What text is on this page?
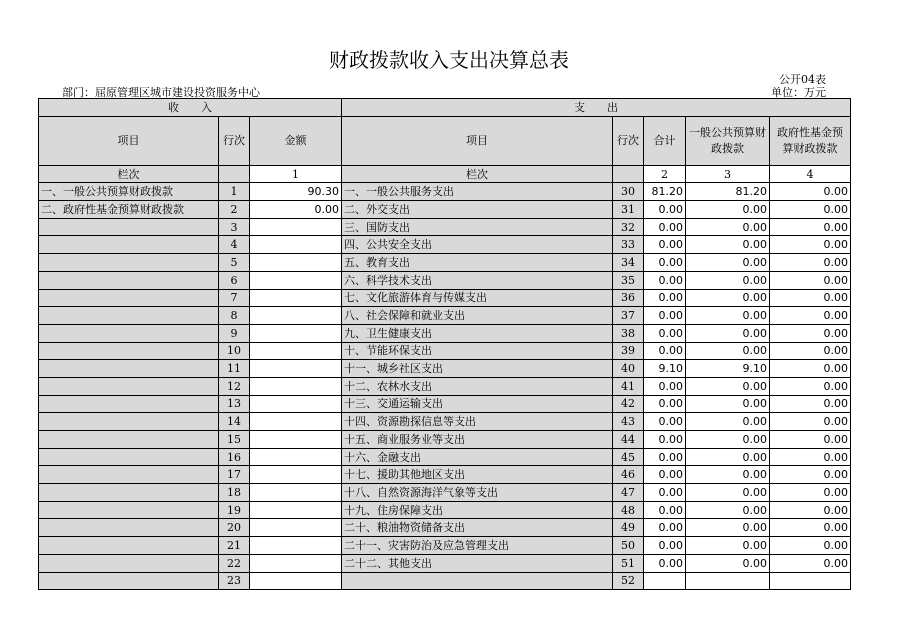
财政拨款收入支出决算总表
公开04表
部门：屈原管理区城市建设投资服务中心	单位：万元
收　　入			支　　出				
项目	行次	金额	项目	行次	合计	一般公共预算财政拨款	政府性基金预算财政拨款
栏次		1	栏次		2	3	4
一、一般公共预算财政拨款	1	90.30	一、一般公共服务支出	30	81.20	81.20	0.00
二、政府性基金预算财政拨款	2	0.00	二、外交支出	31	0.00	0.00	0.00
	3		三、国防支出	32	0.00	0.00	0.00
	4		四、公共安全支出	33	0.00	0.00	0.00
	5		五、教育支出	34	0.00	0.00	0.00
	6		六、科学技术支出	35	0.00	0.00	0.00
	7		七、文化旅游体育与传媒支出	36	0.00	0.00	0.00
	8		八、社会保障和就业支出	37	0.00	0.00	0.00
	9		九、卫生健康支出	38	0.00	0.00	0.00
	10		十、节能环保支出	39	0.00	0.00	0.00
	11		十一、城乡社区支出	40	9.10	9.10	0.00
	12		十二、农林水支出	41	0.00	0.00	0.00
	13		十三、交通运输支出	42	0.00	0.00	0.00
	14		十四、资源勘探信息等支出	43	0.00	0.00	0.00
	15		十五、商业服务业等支出	44	0.00	0.00	0.00
	16		十六、金融支出	45	0.00	0.00	0.00
	17		十七、援助其他地区支出	46	0.00	0.00	0.00
	18		十八、自然资源海洋气象等支出	47	0.00	0.00	0.00
	19		十九、住房保障支出	48	0.00	0.00	0.00
	20		二十、粮油物资储备支出	49	0.00	0.00	0.00
	21		二十一、灾害防治及应急管理支出	50	0.00	0.00	0.00
	22		二十二、其他支出	51	0.00	0.00	0.00
	23			52			
